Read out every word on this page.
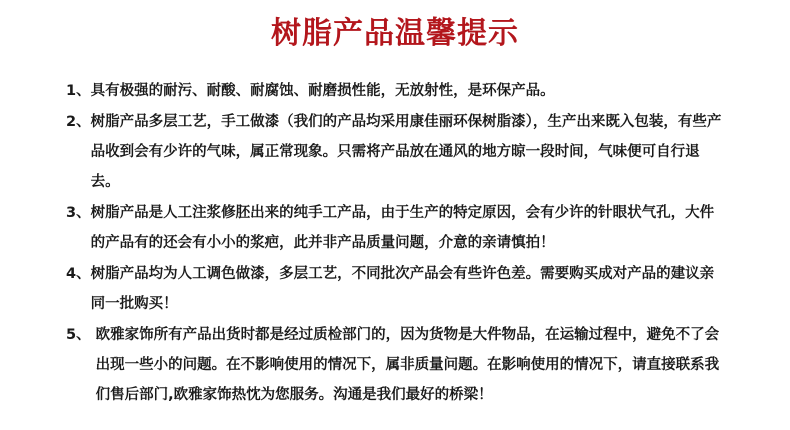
树脂产品温馨提示
1、 具有极强的耐污、耐酸、耐腐蚀、耐磨损性能，无放射性，是环保产品。
2、 树脂产品多层工艺，手工做漆（我们的产品均采用康佳丽环保树脂漆），生产出来既入包装，有些产品收到会有少许的气味，属正常现象。只需将产品放在通风的地方晾一段时间，气味便可自行退去。
3、 树脂产品是人工注浆修胚出来的纯手工产品，由于生产的特定原因，会有少许的针眼状气孔，大件的产品有的还会有小小的浆疤，此并非产品质量问题，介意的亲请慎拍！
4、 树脂产品均为人工调色做漆，多层工艺，不同批次产品会有些许色差。需要购买成对产品的建议亲同一批购买！
5、 欧雅家饰所有产品出货时都是经过质检部门的，因为货物是大件物品，在运输过程中，避免不了会出现一些小的问题。在不影响使用的情况下，属非质量问题。在影响使用的情况下，请直接联系我们售后部门,欧雅家饰热忱为您服务。沟通是我们最好的桥梁！
